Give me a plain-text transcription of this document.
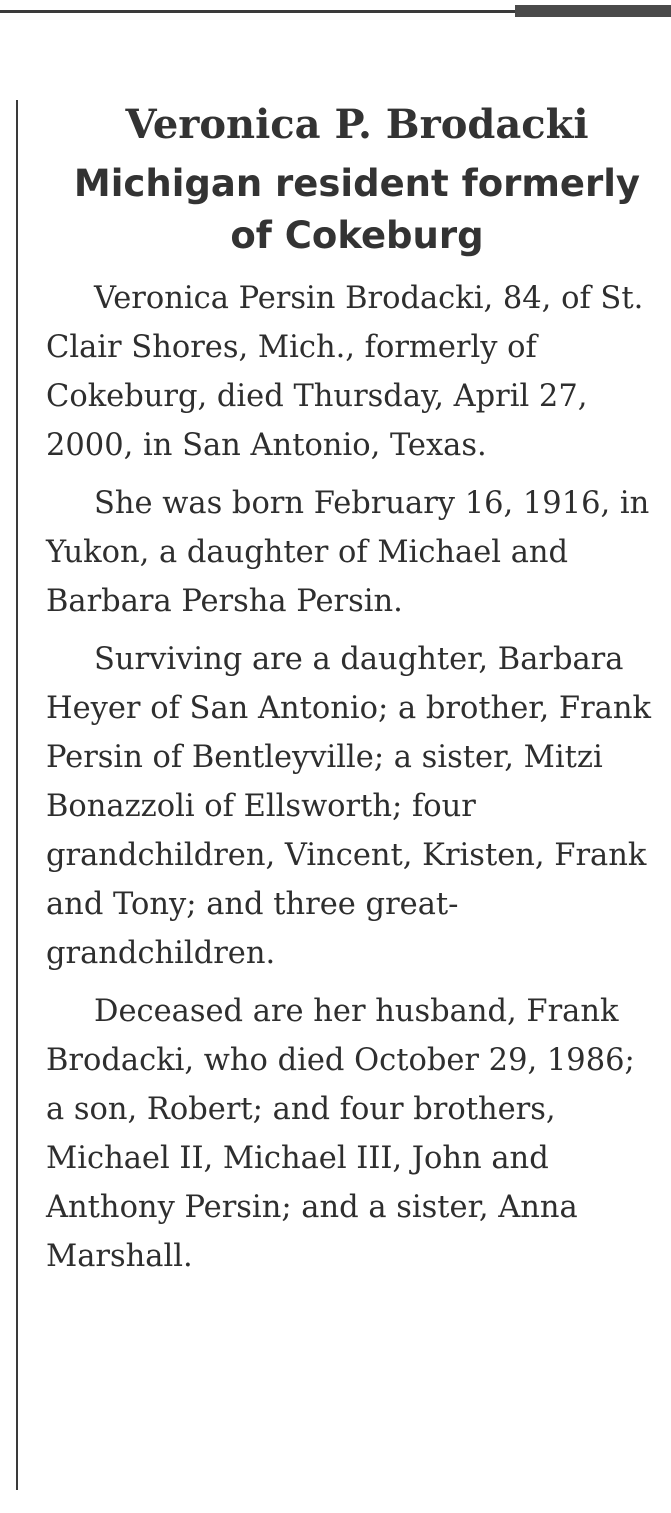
Veronica P. Brodacki
Michigan resident formerly of Cokeburg

Veronica Persin Brodacki, 84, of St. Clair Shores, Mich., formerly of Cokeburg, died Thursday, April 27, 2000, in San Antonio, Texas.

She was born February 16, 1916, in Yukon, a daughter of Michael and Barbara Persha Persin.

Surviving are a daughter, Barbara Heyer of San Antonio; a brother, Frank Persin of Bentleyville; a sister, Mitzi Bonazzoli of Ellsworth; four grandchildren, Vincent, Kristen, Frank and Tony; and three great-grandchildren.

Deceased are her husband, Frank Brodacki, who died October 29, 1986; a son, Robert; and four brothers, Michael II, Michael III, John and Anthony Persin; and a sister, Anna Marshall.
